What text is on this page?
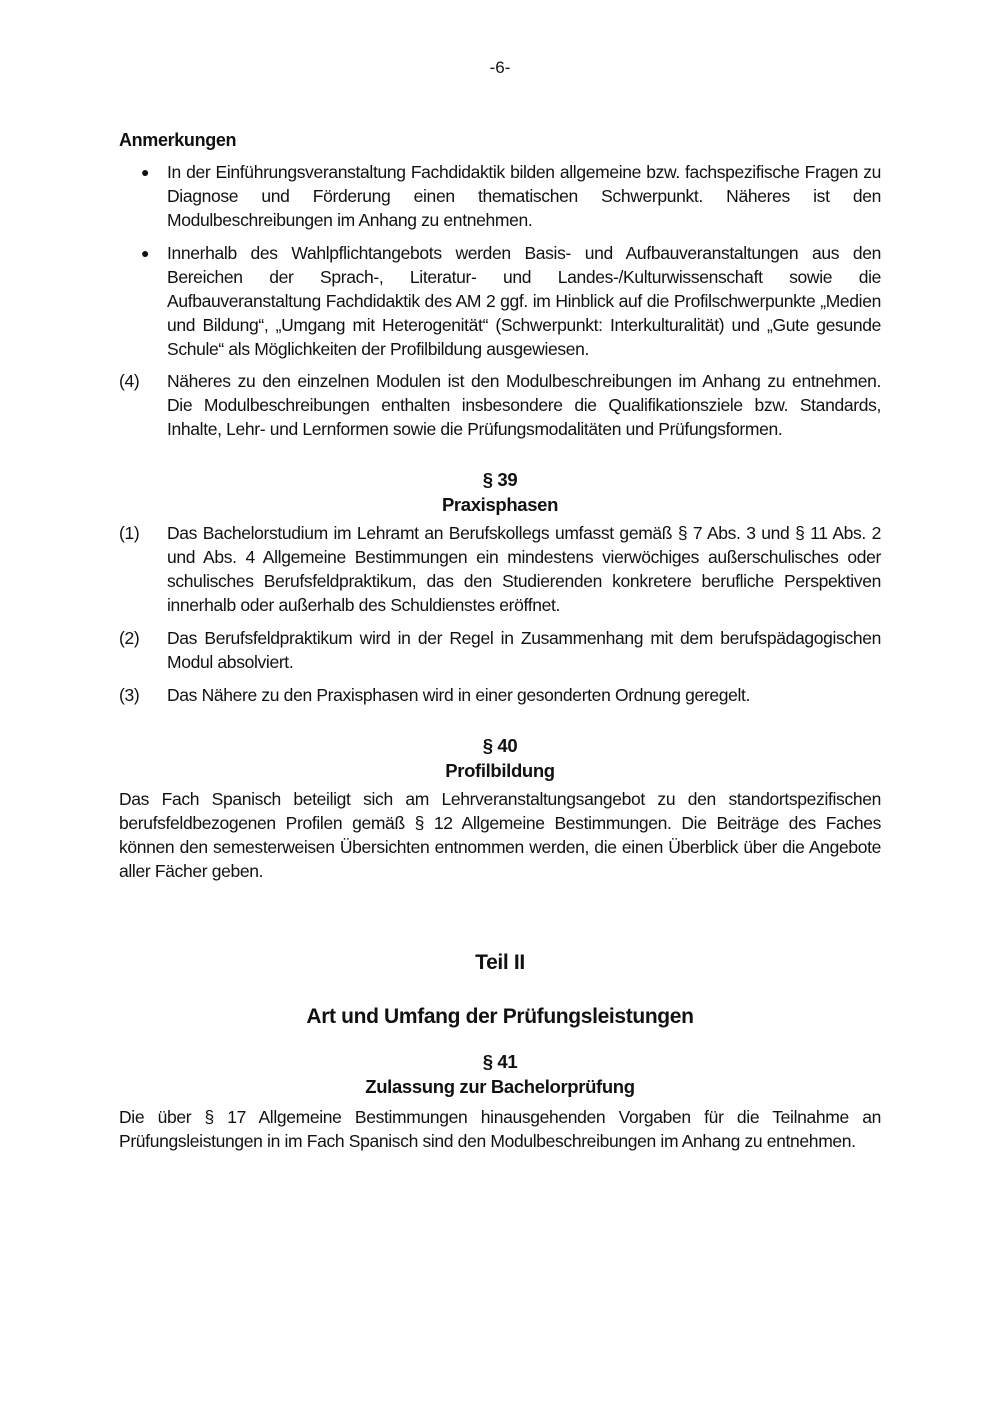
-6-
Anmerkungen
● In der Einführungsveranstaltung Fachdidaktik bilden allgemeine bzw. fachspezifische Fragen zu Diagnose und Förderung einen thematischen Schwerpunkt. Näheres ist den Modulbeschreibungen im Anhang zu entnehmen.
● Innerhalb des Wahlpflichtangebots werden Basis- und Aufbauveranstaltungen aus den Bereichen der Sprach-, Literatur- und Landes-/Kulturwissenschaft sowie die Aufbauveranstaltung Fachdidaktik des AM 2 ggf. im Hinblick auf die Profilschwerpunkte „Medien und Bildung“, „Umgang mit Heterogenität“ (Schwerpunkt: Interkulturalität) und „Gute gesunde Schule“ als Möglichkeiten der Profilbildung ausgewiesen.
(4) Näheres zu den einzelnen Modulen ist den Modulbeschreibungen im Anhang zu entnehmen. Die Modulbeschreibungen enthalten insbesondere die Qualifikationsziele bzw. Standards, Inhalte, Lehr- und Lernformen sowie die Prüfungsmodalitäten und Prüfungsformen.
§ 39
Praxisphasen
(1) Das Bachelorstudium im Lehramt an Berufskollegs umfasst gemäß § 7 Abs. 3 und § 11 Abs. 2 und Abs. 4 Allgemeine Bestimmungen ein mindestens vierwöchiges außerschulisches oder schulisches Berufsfeldpraktikum, das den Studierenden konkretere berufliche Perspektiven innerhalb oder außerhalb des Schuldienstes eröffnet.
(2) Das Berufsfeldpraktikum wird in der Regel in Zusammenhang mit dem berufspädagogischen Modul absolviert.
(3) Das Nähere zu den Praxisphasen wird in einer gesonderten Ordnung geregelt.
§ 40
Profilbildung

Das Fach Spanisch beteiligt sich am Lehrveranstaltungsangebot zu den standortspezifischen berufsfeldbezogenen Profilen gemäß § 12 Allgemeine Bestimmungen. Die Beiträge des Faches können den semesterweisen Übersichten entnommen werden, die einen Überblick über die Angebote aller Fächer geben.

Teil II
Art und Umfang der Prüfungsleistungen
§ 41
Zulassung zur Bachelorprüfung

Die über § 17 Allgemeine Bestimmungen hinausgehenden Vorgaben für die Teilnahme an Prüfungsleistungen in im Fach Spanisch sind den Modulbeschreibungen im Anhang zu entnehmen.
